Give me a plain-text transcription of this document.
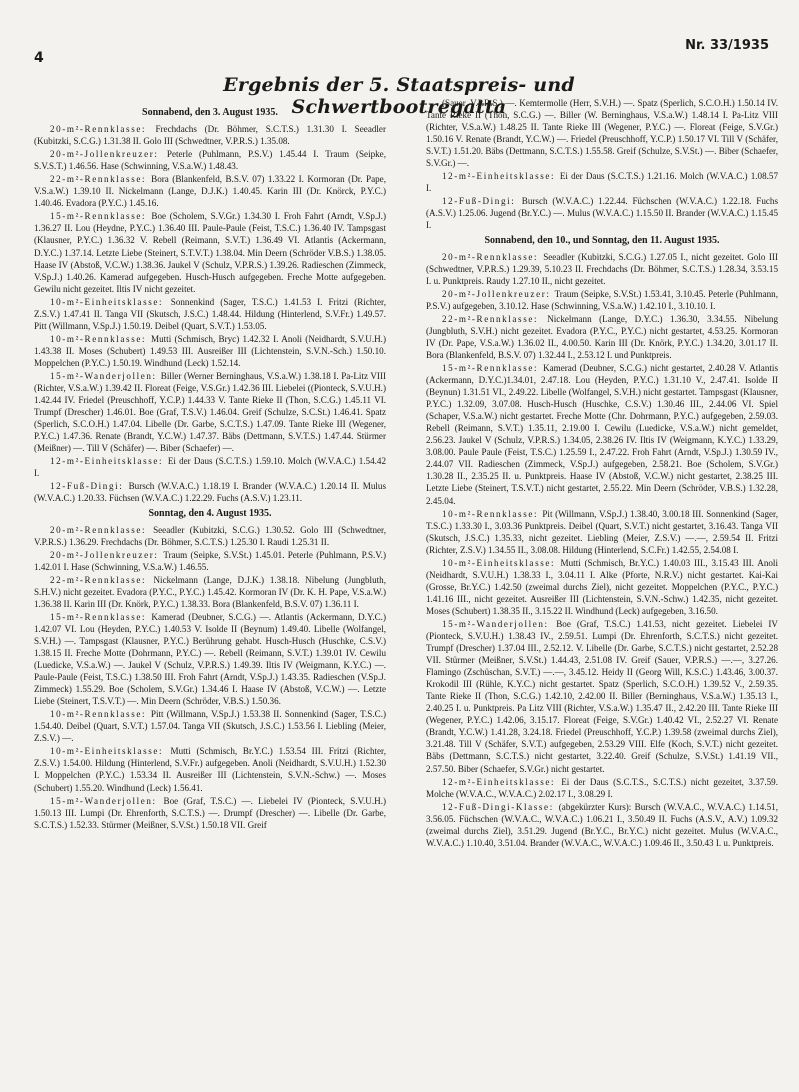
4
Nr. 33/1935
Ergebnis der 5. Staatspreis- und Schwertbootregatta
Sonnabend, den 3. August 1935.
20-m²-Rennklasse: Frechdachs (Dr. Böhmer, S.C.T.S.) 1.31.30 I. Seeadler (Kubitzki, S.C.G.) 1.31.38 II. Golo III (Schwedtner, V.P.R.S.) 1.35.08.
20-m²-Jollenkreuzer: Peterle (Puhlmann, P.S.V.) 1.45.44 I. Traum (Seipke, S.V.S.T.) 1.46.56. Hase (Schwinning, V.S.a.W.) 1.48.43.
22-m²-Rennklasse: Bora (Blankenfeld, B.S.V. 07) 1.33.22 I. Kormoran (Dr. Pape, V.S.a.W.) 1.39.10 II. Nickelmann (Lange, D.J.K.) 1.40.45. Karin III (Dr. Knörck, P.Y.C.) 1.40.46. Evadora (P.Y.C.) 1.45.16.
15-m²-Rennklasse: Boe (Scholem, S.V.Gr.) 1.34.30 I. Froh Fahrt (Arndt, V.Sp.J.) 1.36.27 II. Lou (Heydne, P.Y.C.) 1.36.40 III. Paule-Paule (Feist, T.S.C.) 1.36.40 IV. Tampsgast (Klausner, P.Y.C.) 1.36.32 V. Rebell (Reimann, S.V.T.) 1.36.49 VI. Atlantis (Ackermann, D.Y.C.) 1.37.14. Letzte Liebe (Steinert, S.T.V.T.) 1.38.04. Min Deern (Schröder V.B.S.) 1.38.05. Haase IV (Abstoß, V.C.W.) 1.38.36. Jaukel V (Schulz, V.P.R.S.) 1.39.26. Radieschen (Zimmeck, V.Sp.J.) 1.40.26. Kamerad aufgegeben. Husch-Husch aufgegeben. Freche Motte aufgegeben. Gewilu nicht gezeitet. Iltis IV nicht gezeitet.
10-m²-Einheitsklasse: Sonnenkind (Sager, T.S.C.) 1.41.53 I. Fritzi (Richter, Z.S.V.) 1.47.41 II. Tanga VII (Skutsch, J.S.C.) 1.48.44. Hildung (Hinterlend, S.V.Fr.) 1.49.57. Pitt (Willmann, V.Sp.J.) 1.50.19. Deibel (Quart, S.V.T.) 1.53.05.
10-m²-Rennklasse: Mutti (Schmisch, Bryc) 1.42.32 I. Anoli (Neidhardt, S.V.U.H.) 1.43.38 II. Moses (Schubert) 1.49.53 III. Ausreißer III (Lichtenstein, S.V.N.-Sch.) 1.50.10. Moppelchen (P.Y.C.) 1.50.19. Windhund (Leck) 1.52.14.
15-m²-Wanderjollen: Biller (Werner Berninghaus, V.S.a.W.) 1.38.18 I. Pa-Litz VIII (Richter, V.S.a.W.) 1.39.42 II. Floreat (Feige, V.S.Gr.) 1.42.36 III. Liebelei ((Pionteck, S.V.U.H.) 1.42.44 IV. Friedel (Preuschhoff, Y.C.P.) 1.44.33 V. Tante Rieke II (Thon, S.C.G.) 1.45.11 VI. Trumpf (Drescher) 1.46.01. Boe (Graf, T.S.V.) 1.46.04. Greif (Schulze, S.C.St.) 1.46.41. Spatz (Sperlich, S.C.O.H.) 1.47.04. Libelle (Dr. Garbe, S.C.T.S.) 1.47.09. Tante Rieke III (Wegener, P.Y.C.) 1.47.36. Renate (Brandt, Y.C.W.) 1.47.37. Bäbs (Dettmann, S.V.T.S.) 1.47.44. Stürmer (Meißner) —. Till V (Schäfer) —. Biber (Schaefer) —.
12-m²-Einheitsklasse: Ei der Daus (S.C.T.S.) 1.59.10. Molch (W.V.A.C.) 1.54.42 I.
12-Fuß-Dingi: Bursch (W.V.A.C.) 1.18.19 I. Brander (W.V.A.C.) 1.20.14 II. Mulus (W.V.A.C.) 1.20.33. Füchsen (W.V.A.C.) 1.22.29. Fuchs (A.S.V.) 1.23.11.
Sonntag, den 4. August 1935.
20-m²-Rennklasse: Seeadler (Kubitzki, S.C.G.) 1.30.52. Golo III (Schwedtner, V.P.R.S.) 1.36.29. Frechdachs (Dr. Böhmer, S.C.T.S.) 1.25.30 I. Raudi 1.25.31 II.
20-m²-Jollenkreuzer: Traum (Seipke, S.V.St.) 1.45.01. Peterle (Puhlmann, P.S.V.) 1.42.01 I. Hase (Schwinning, V.S.a.W.) 1.46.55.
22-m²-Rennklasse: Nickelmann (Lange, D.J.K.) 1.38.18. Nibelung (Jungbluth, S.H.V.) nicht gezeitet. Evadora (P.Y.C., P.Y.C.) 1.45.42. Kormoran IV (Dr. K. H. Pape, V.S.a.W.) 1.36.38 II. Karin III (Dr. Knörk, P.Y.C.) 1.38.33. Bora (Blankenfeld, B.S.V. 07) 1.36.11 I.
15-m²-Rennklasse: Kamerad (Deubner, S.C.G.) —. Atlantis (Ackermann, D.Y.C.) 1.42.07 VI. Lou (Heyden, P.Y.C.) 1.40.53 V. Isolde II (Beynum) 1.49.40. Libelle (Wolfangel, S.V.H.) —. Tampsgast (Klausner, P.Y.C.) Berührung gehabt. Husch-Husch (Huschke, C.S.V.) 1.38.15 II. Freche Motte (Dohrmann, P.Y.C.) —. Rebell (Reimann, S.V.T.) 1.39.01 IV. Cewilu (Luedicke, V.S.a.W.) —. Jaukel V (Schulz, V.P.R.S.) 1.49.39. Iltis IV (Weigmann, K.Y.C.) —. Paule-Paule (Feist, T.S.C.) 1.38.50 III. Froh Fahrt (Arndt, V.Sp.J.) 1.43.35. Radieschen (V.Sp.J. Zimmeck) 1.55.29. Boe (Scholem, S.V.Gr.) 1.34.46 I. Haase IV (Abstoß, V.C.W.) —. Letzte Liebe (Steinert, T.S.V.T.) —. Min Deern (Schröder, V.B.S.) 1.50.36.
10-m²-Rennklasse: Pitt (Willmann, V.Sp.J.) 1.53.38 II. Sonnenkind (Sager, T.S.C.) 1.54.40. Deibel (Quart, S.V.T.) 1.57.04. Tanga VII (Skutsch, J.S.C.) 1.53.56 I. Liebling (Meier, Z.S.V.) —.
10-m²-Einheitsklasse: Mutti (Schmisch, Br.Y.C.) 1.53.54 III. Fritzi (Richter, Z.S.V.) 1.54.00. Hildung (Hinterlend, S.V.Fr.) aufgegeben. Anoli (Neidhardt, S.V.U.H.) 1.52.30 I. Moppelchen (P.Y.C.) 1.53.34 II. Ausreißer III (Lichtenstein, S.V.N.-Schw.) —. Moses (Schubert) 1.55.20. Windhund (Leck) 1.56.41.
15-m²-Wanderjollen: Boe (Graf, T.S.C.) —. Liebelei IV (Pionteck, S.V.U.H.) 1.50.13 III. Lumpi (Dr. Ehrenforth, S.C.T.S.) —. Drumpf (Drescher) —. Libelle (Dr. Garbe, S.C.T.S.) 1.52.33. Stürmer (Meißner, S.V.St.) 1.50.18 VII. Greif
(Sauer, V.P.R.S.) —. Kemtermolle (Herr, S.V.H.) —. Spatz (Sperlich, S.C.O.H.) 1.50.14 IV. Tante Rieke II (Thon, S.C.G.) —. Biller (W. Berninghaus, V.S.a.W.) 1.48.14 I. Pa-Litz VIII (Richter, V.S.a.W.) 1.48.25 II. Tante Rieke III (Wegener, P.Y.C.) —. Floreat (Feige, S.V.Gr.) 1.50.16 V. Renate (Brandt, Y.C.W.) —. Friedel (Preuschhoff, Y.C.P.) 1.50.17 VI. Till V (Schäfer, S.V.T.) 1.51.20. Bäbs (Dettmann, S.C.T.S.) 1.55.58. Greif (Schulze, S.V.St.) —. Biber (Schaefer, S.V.Gr.) —.
12-m²-Einheitsklasse: Ei der Daus (S.C.T.S.) 1.21.16. Molch (W.V.A.C.) 1.08.57 I.
12-Fuß-Dingi: Bursch (W.V.A.C.) 1.22.44. Füchschen (W.V.A.C.) 1.22.18. Fuchs (A.S.V.) 1.25.06. Jugend (Br.Y.C.) —. Mulus (W.V.A.C.) 1.15.50 II. Brander (W.V.A.C.) 1.15.45 I.
Sonnabend, den 10., und Sonntag, den 11. August 1935.
20-m²-Rennklasse: Seeadler (Kubitzki, S.C.G.) 1.27.05 I., nicht gezeitet. Golo III (Schwedtner, V.P.R.S.) 1.29.39, 5.10.23 II. Frechdachs (Dr. Böhmer, S.C.T.S.) 1.28.34, 3.53.15 I. u. Punktpreis. Raudy 1.27.10 II., nicht gezeitet.
20-m²-Jollenkreuzer: Traum (Seipke, S.V.St.) 1.53.41, 3.10.45. Peterle (Puhlmann, P.S.V.) aufgegeben, 3.10.12. Hase (Schwinning, V.S.a.W.) 1.42.10 I., 3.10.10. I.
22-m²-Rennklasse: Nickelmann (Lange, D.Y.C.) 1.36.30, 3.34.55. Nibelung (Jungbluth, S.V.H.) nicht gezeitet. Evadora (P.Y.C., P.Y.C.) nicht gestartet, 4.53.25. Kormoran IV (Dr. Pape, V.S.a.W.) 1.36.02 II., 4.00.50. Karin III (Dr. Knörk, P.Y.C.) 1.34.20, 3.01.17 II. Bora (Blankenfeld, B.S.V. 07) 1.32.44 I., 2.53.12 I. und Punktpreis.
15-m²-Rennklasse: Kamerad (Deubner, S.C.G.) nicht gestartet, 2.40.28 V. Atlantis (Ackermann, D.Y.C.)1.34.01, 2.47.18. Lou (Heyden, P.Y.C.) 1.31.10 V., 2.47.41. Isolde II (Beynun) 1.31.51 VI., 2.49.22. Libelle (Wolfangel, S.V.H.) nicht gestartet. Tampsgast (Klausner, P.Y.C.) 1.32.09, 3.07.08. Husch-Husch (Huschke, C.S.V.) 1.30.46 III., 2.44.06 VI. Spiel (Schaper, V.S.a.W.) nicht gestartet. Freche Motte (Chr. Dohrmann, P.Y.C.) aufgegeben, 2.59.03. Rebell (Reimann, S.V.T.) 1.35.11, 2.19.00 I. Cewilu (Luedicke, V.S.a.W.) nicht gemeldet, 2.56.23. Jaukel V (Schulz, V.P.R.S.) 1.34.05, 2.38.26 IV. Iltis IV (Weigmann, K.Y.C.) 1.33.29, 3.08.00. Paule Paule (Feist, T.S.C.) 1.25.59 I., 2.47.22. Froh Fahrt (Arndt, V.Sp.J.) 1.30.59 IV., 2.44.07 VII. Radieschen (Zimmeck, V.Sp.J.) aufgegeben, 2.58.21. Boe (Scholem, S.V.Gr.) 1.30.28 II., 2.35.25 II. u. Punktpreis. Haase IV (Abstoß, V.C.W.) nicht gestartet, 2.38.25 III. Letzte Liebe (Steinert, T.S.V.T.) nicht gestartet, 2.55.22. Min Deern (Schröder, V.B.S.) 1.32.28, 2.45.04.
10-m²-Rennklasse: Pit (Willmann, V.Sp.J.) 1.38.40, 3.00.18 III. Sonnenkind (Sager, T.S.C.) 1.33.30 I., 3.03.36 Punktpreis. Deibel (Quart, S.V.T.) nicht gestartet, 3.16.43. Tanga VII (Skutsch, J.S.C.) 1.35.33, nicht gezeitet. Liebling (Meier, Z.S.V.) —.—, 2.59.54 II. Fritzi (Richter, Z.S.V.) 1.34.55 II., 3.08.08. Hildung (Hinterlend, S.C.Fr.) 1.42.55, 2.54.08 I.
10-m²-Einheitsklasse: Mutti (Schmisch, Br.Y.C.) 1.40.03 III., 3.15.43 III. Anoli (Neidhardt, S.V.U.H.) 1.38.33 I., 3.04.11 I. Alke (Pforte, N.R.V.) nicht gestartet. Kai-Kai (Grosse, Br.Y.C.) 1.42.50 (zweimal durchs Ziel), nicht gezeitet. Moppelchen (P.Y.C., P.Y.C.) 1.41.16 III., nicht gezeitet. Ausreißer III (Lichtenstein, S.V.N.-Schw.) 1.42.35, nicht gezeitet. Moses (Schubert) 1.38.35 II., 3.15.22 II. Windhund (Leck) aufgegeben, 3.16.50.
15-m²-Wanderjollen: Boe (Graf, T.S.C.) 1.41.53, nicht gezeitet. Liebelei IV (Pionteck, S.V.U.H.) 1.38.43 IV., 2.59.51. Lumpi (Dr. Ehrenforth, S.C.T.S.) nicht gezeitet. Trumpf (Drescher) 1.37.04 III., 2.52.12. V. Libelle (Dr. Garbe, S.C.T.S.) nicht gestartet, 2.52.28 VII. Stürmer (Meißner, S.V.St.) 1.44.43, 2.51.08 IV. Greif (Sauer, V.P.R.S.) —.—, 3.27.26. Flamingo (Zschüschan, S.V.T.) —.—, 3.45.12. Heidy II (Georg Will, K.S.C.) 1.43.46, 3.00.37. Krokodil III (Rühle, K.Y.C.) nicht gestartet. Spatz (Sperlich, S.C.O.H.) 1.39.52 V., 2.59.35. Tante Rieke II (Thon, S.C.G.) 1.42.10, 2.42.00 II. Biller (Berninghaus, V.S.a.W.) 1.35.13 I., 2.40.25 I. u. Punktpreis. Pa Litz VIII (Richter, V.S.a.W.) 1.35.47 II., 2.42.20 III. Tante Rieke III (Wegener, P.Y.C.) 1.42.06, 3.15.17. Floreat (Feige, S.V.Gr.) 1.40.42 VI., 2.52.27 VI. Renate (Brandt, Y.C.W.) 1.41.28, 3.24.18. Friedel (Preuschhoff, Y.C.P.) 1.39.58 (zweimal durchs Ziel), 3.21.48. Till V (Schäfer, S.V.T.) aufgegeben, 2.53.29 VIII. Elfe (Koch, S.V.T.) nicht gezeitet. Bäbs (Dettmann, S.C.T.S.) nicht gestartet, 3.22.40. Greif (Schulze, S.V.St.) 1.41.19 VII., 2.57.50. Biber (Schaefer, S.V.Gr.) nicht gestartet.
12-m²-Einheitsklasse: Ei der Daus (S.C.T.S., S.C.T.S.) nicht gezeitet, 3.37.59. Molche (W.V.A.C., W.V.A.C.) 2.02.17 I., 3.08.29 I.
12-Fuß-Dingi-Klasse: (abgekürzter Kurs): Bursch (W.V.A.C., W.V.A.C.) 1.14.51, 3.56.05. Füchschen (W.V.A.C., W.V.A.C.) 1.06.21 I., 3.50.49 II. Fuchs (A.S.V., A.V.) 1.09.32 (zweimal durchs Ziel), 3.51.29. Jugend (Br.Y.C., Br.Y.C.) nicht gezeitet. Mulus (W.V.A.C., W.V.A.C.) 1.10.40, 3.51.04. Brander (W.V.A.C., W.V.A.C.) 1.09.46 II., 3.50.43 I. u. Punktpreis.
